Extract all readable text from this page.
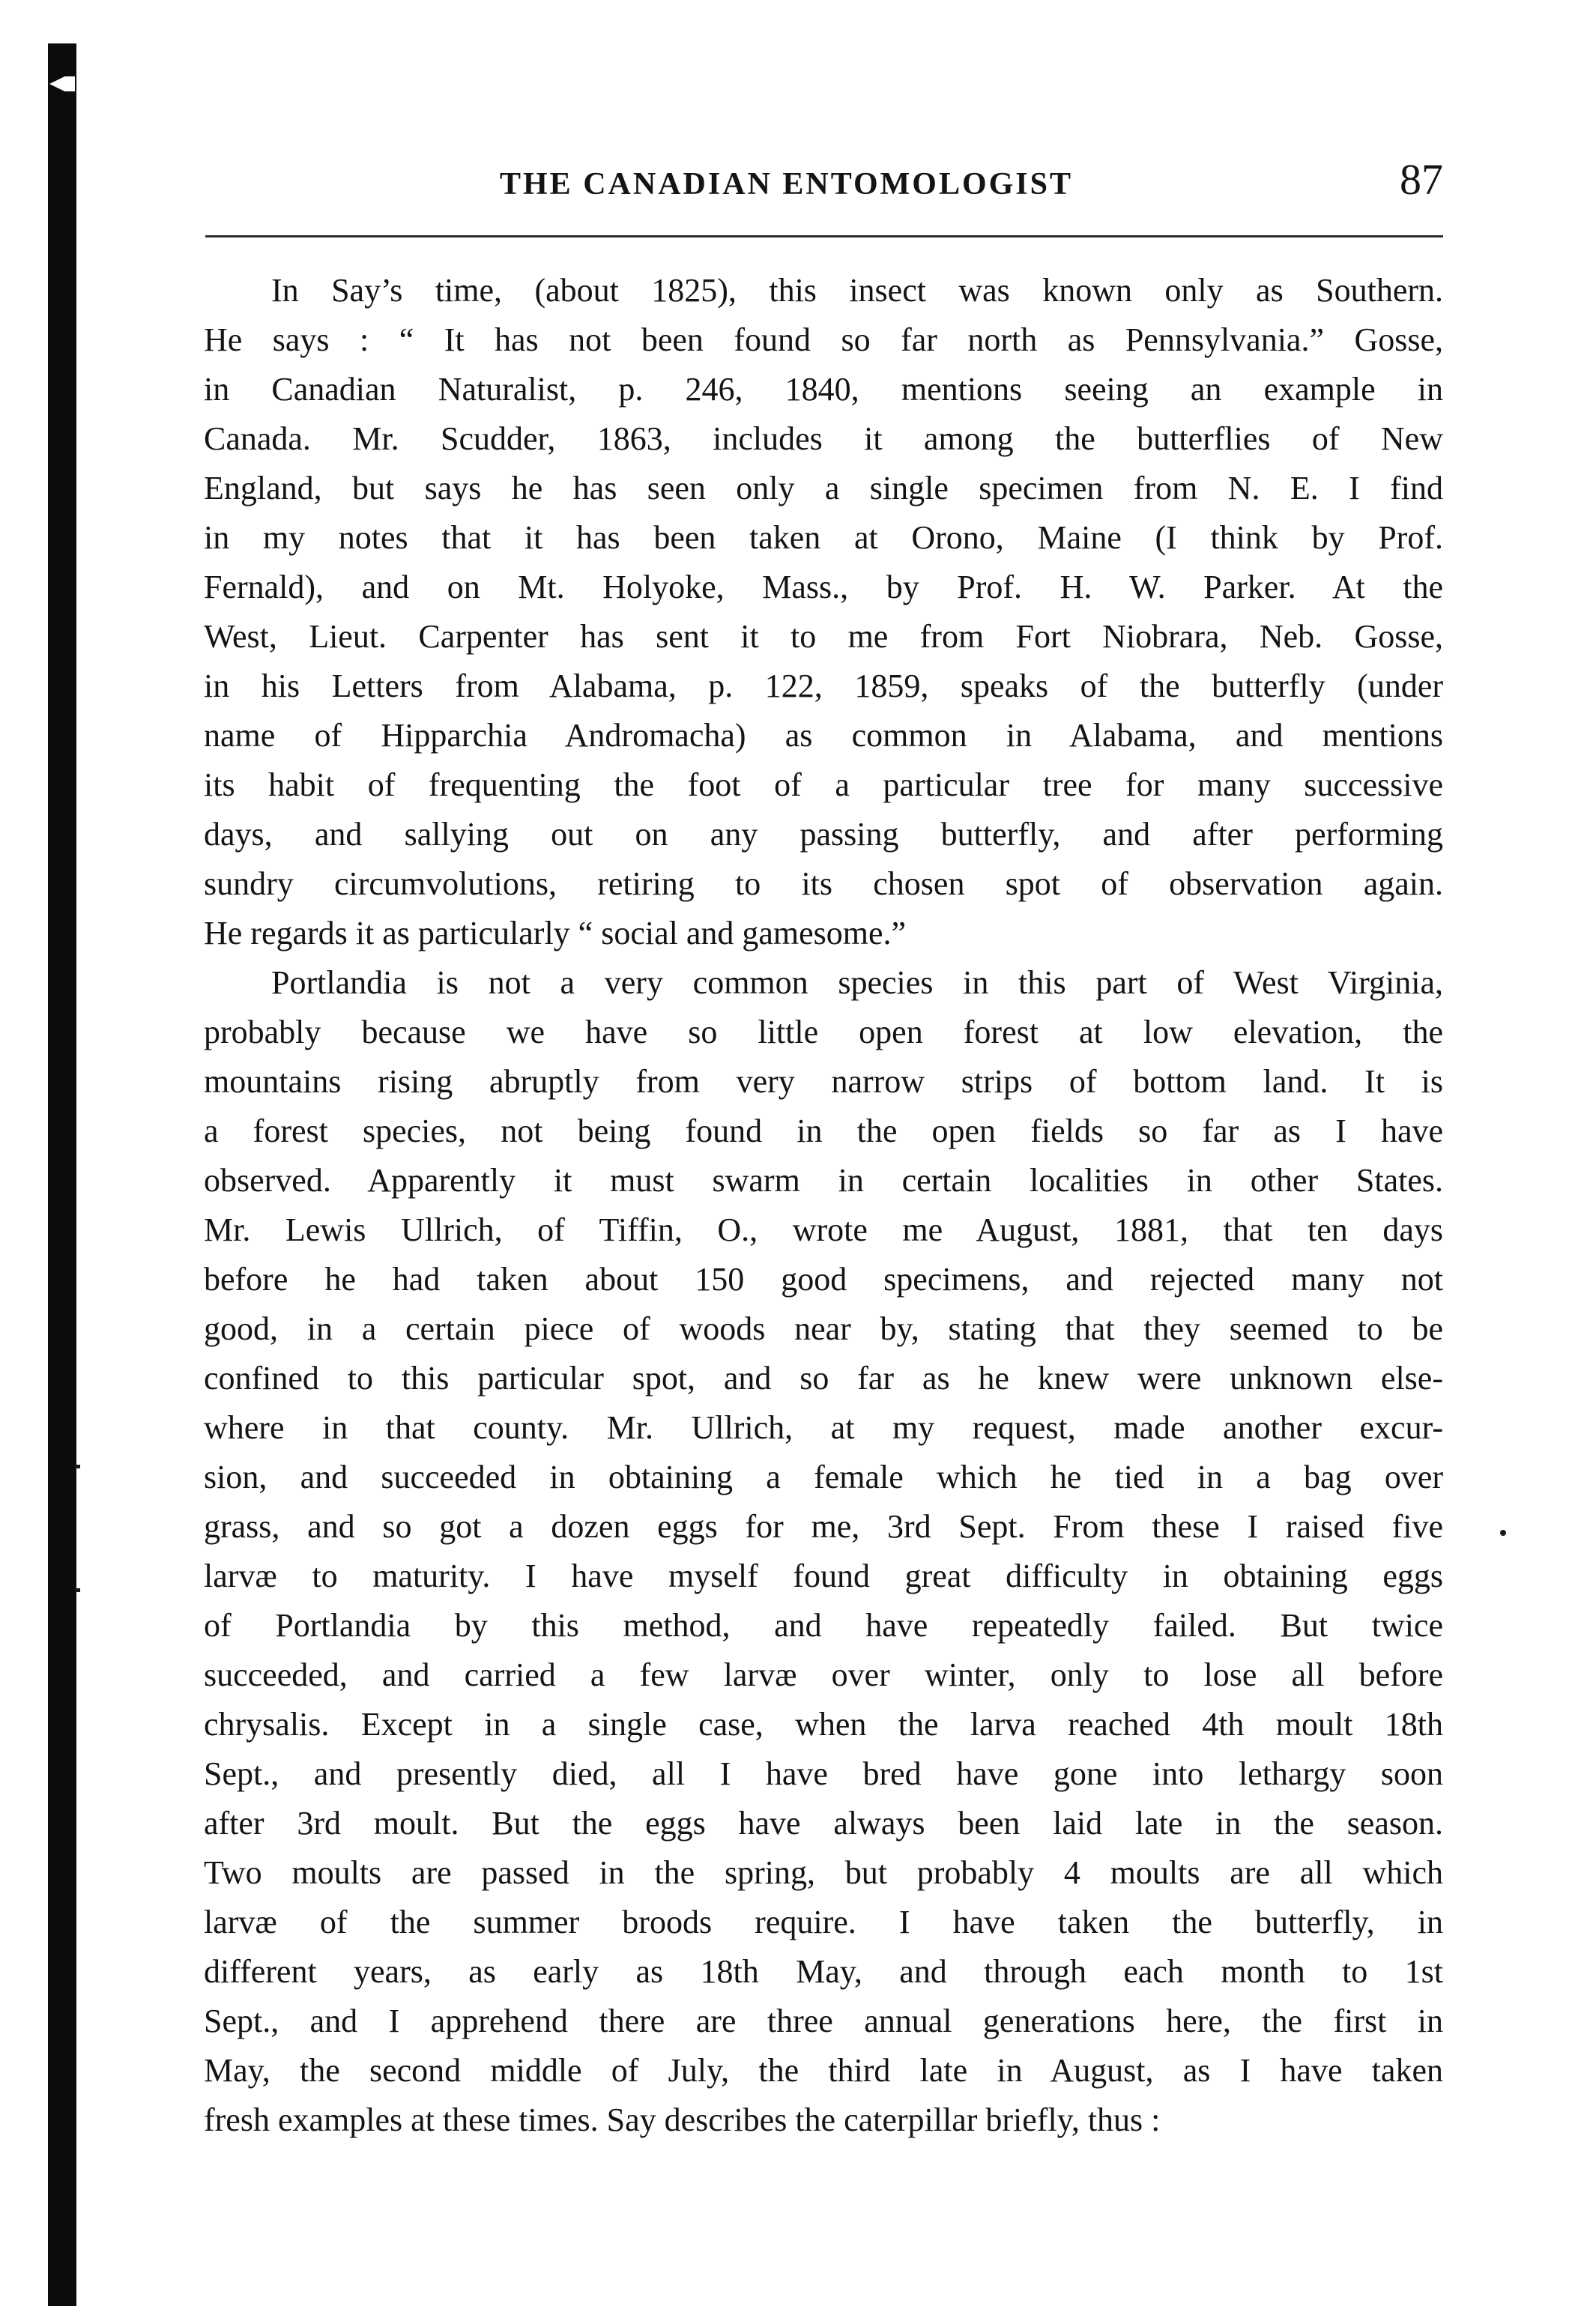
THE CANADIAN ENTOMOLOGIST	87
In Say’s time, (about 1825), this insect was known only as Southern.
He says : “ It has not been found so far north as Pennsylvania.” Gosse,
in Canadian Naturalist, p. 246, 1840, mentions seeing an example in
Canada. Mr. Scudder, 1863, includes it among the butterflies of New
England, but says he has seen only a single specimen from N. E. I find
in my notes that it has been taken at Orono, Maine (I think by Prof.
Fernald), and on Mt. Holyoke, Mass., by Prof. H. W. Parker. At the
West, Lieut. Carpenter has sent it to me from Fort Niobrara, Neb. Gosse,
in his Letters from Alabama, p. 122, 1859, speaks of the butterfly (under
name of Hipparchia Andromacha) as common in Alabama, and mentions
its habit of frequenting the foot of a particular tree for many successive
days, and sallying out on any passing butterfly, and after performing
sundry circumvolutions, retiring to its chosen spot of observation again.
He regards it as particularly “ social and gamesome.”
Portlandia is not a very common species in this part of West Virginia,
probably because we have so little open forest at low elevation, the
mountains rising abruptly from very narrow strips of bottom land. It is
a forest species, not being found in the open fields so far as I have
observed. Apparently it must swarm in certain localities in other States.
Mr. Lewis Ullrich, of Tiffin, O., wrote me August, 1881, that ten days
before he had taken about 150 good specimens, and rejected many not
good, in a certain piece of woods near by, stating that they seemed to be
confined to this particular spot, and so far as he knew were unknown else-
where in that county. Mr. Ullrich, at my request, made another excur-
sion, and succeeded in obtaining a female which he tied in a bag over
grass, and so got a dozen eggs for me, 3rd Sept. From these I raised five
larvæ to maturity. I have myself found great difficulty in obtaining eggs
of Portlandia by this method, and have repeatedly failed. But twice
succeeded, and carried a few larvæ over winter, only to lose all before
chrysalis. Except in a single case, when the larva reached 4th moult 18th
Sept., and presently died, all I have bred have gone into lethargy soon
after 3rd moult. But the eggs have always been laid late in the season.
Two moults are passed in the spring, but probably 4 moults are all which
larvæ of the summer broods require. I have taken the butterfly, in
different years, as early as 18th May, and through each month to 1st
Sept., and I apprehend there are three annual generations here, the first in
May, the second middle of July, the third late in August, as I have taken
fresh examples at these times. Say describes the caterpillar briefly, thus :
